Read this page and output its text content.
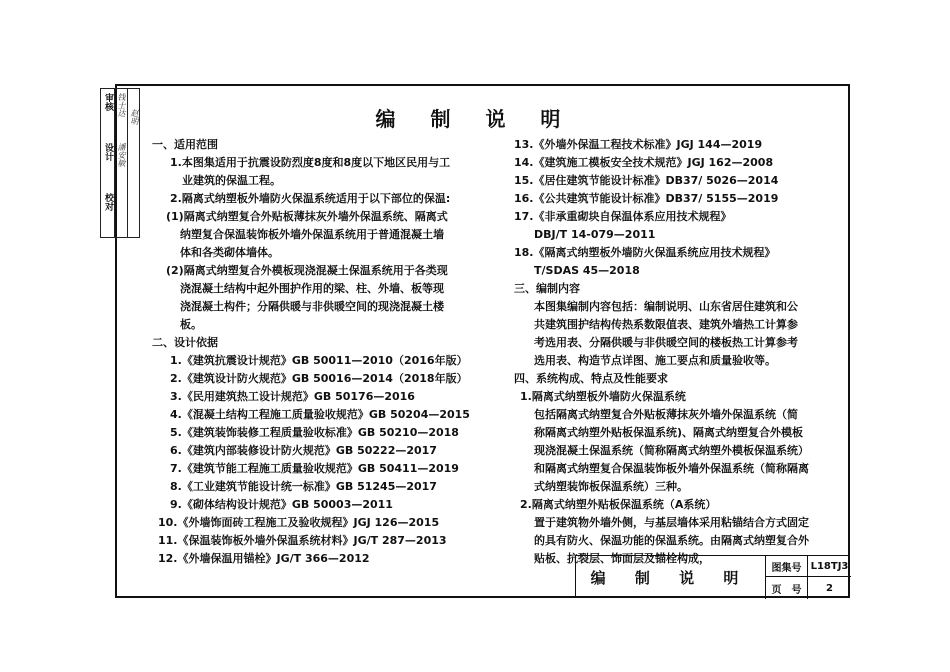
审核
设计
校对
钱士达
潘安敏
赵明	编 制 说 明
一、适用范围
1.本图集适用于抗震设防烈度8度和8度以下地区民用与工
业建筑的保温工程。
2.隔离式纳塑板外墙防火保温系统适用于以下部位的保温:
(1)隔离式纳塑复合外贴板薄抹灰外墙外保温系统、隔离式
纳塑复合保温装饰板外墙外保温系统用于普通混凝土墙
体和各类砌体墙体。
(2)隔离式纳塑复合外模板现浇混凝土保温系统用于各类现
浇混凝土结构中起外围护作用的梁、柱、外墙、板等现
浇混凝土构件；分隔供暖与非供暖空间的现浇混凝土楼
板。
二、设计依据
1.《建筑抗震设计规范》GB 50011—2010（2016年版）
2.《建筑设计防火规范》GB 50016—2014（2018年版）
3.《民用建筑热工设计规范》GB 50176—2016
4.《混凝土结构工程施工质量验收规范》GB 50204—2015
5.《建筑装饰装修工程质量验收标准》GB 50210—2018
6.《建筑内部装修设计防火规范》GB 50222—2017
7.《建筑节能工程施工质量验收规范》GB 50411—2019
8.《工业建筑节能设计统一标准》GB 51245—2017
9.《砌体结构设计规范》GB 50003—2011
10.《外墙饰面砖工程施工及验收规程》JGJ 126—2015
11.《保温装饰板外墙外保温系统材料》JG/T 287—2013
12.《外墙保温用锚栓》JG/T 366—2012
13.《外墙外保温工程技术标准》JGJ 144—2019
14.《建筑施工模板安全技术规范》JGJ 162—2008
15.《居住建筑节能设计标准》DB37/ 5026—2014
16.《公共建筑节能设计标准》DB37/ 5155—2019
17.《非承重砌块自保温体系应用技术规程》
DBJ/T 14-079—2011
18.《隔离式纳塑板外墙防火保温系统应用技术规程》
T/SDAS 45—2018
三、编制内容
本图集编制内容包括：编制说明、山东省居住建筑和公
共建筑围护结构传热系数限值表、建筑外墙热工计算参
考选用表、分隔供暖与非供暖空间的楼板热工计算参考
选用表、构造节点详图、施工要点和质量验收等。
四、系统构成、特点及性能要求
1.隔离式纳塑板外墙防火保温系统
包括隔离式纳塑复合外贴板薄抹灰外墙外保温系统（简
称隔离式纳塑外贴板保温系统)、隔离式纳塑复合外模板
现浇混凝土保温系统（简称隔离式纳塑外模板保温系统）
和隔离式纳塑复合保温装饰板外墙外保温系统（简称隔离
式纳塑装饰板保温系统）三种。
2.隔离式纳塑外贴板保温系统（A系统）
置于建筑物外墙外侧，与基层墙体采用粘锚结合方式固定
的具有防火、保温功能的保温系统。由隔离式纳塑复合外
贴板、抗裂层、饰面层及锚栓构成，
编 制 说 明
图集号 L18TJ3
页　号	2
